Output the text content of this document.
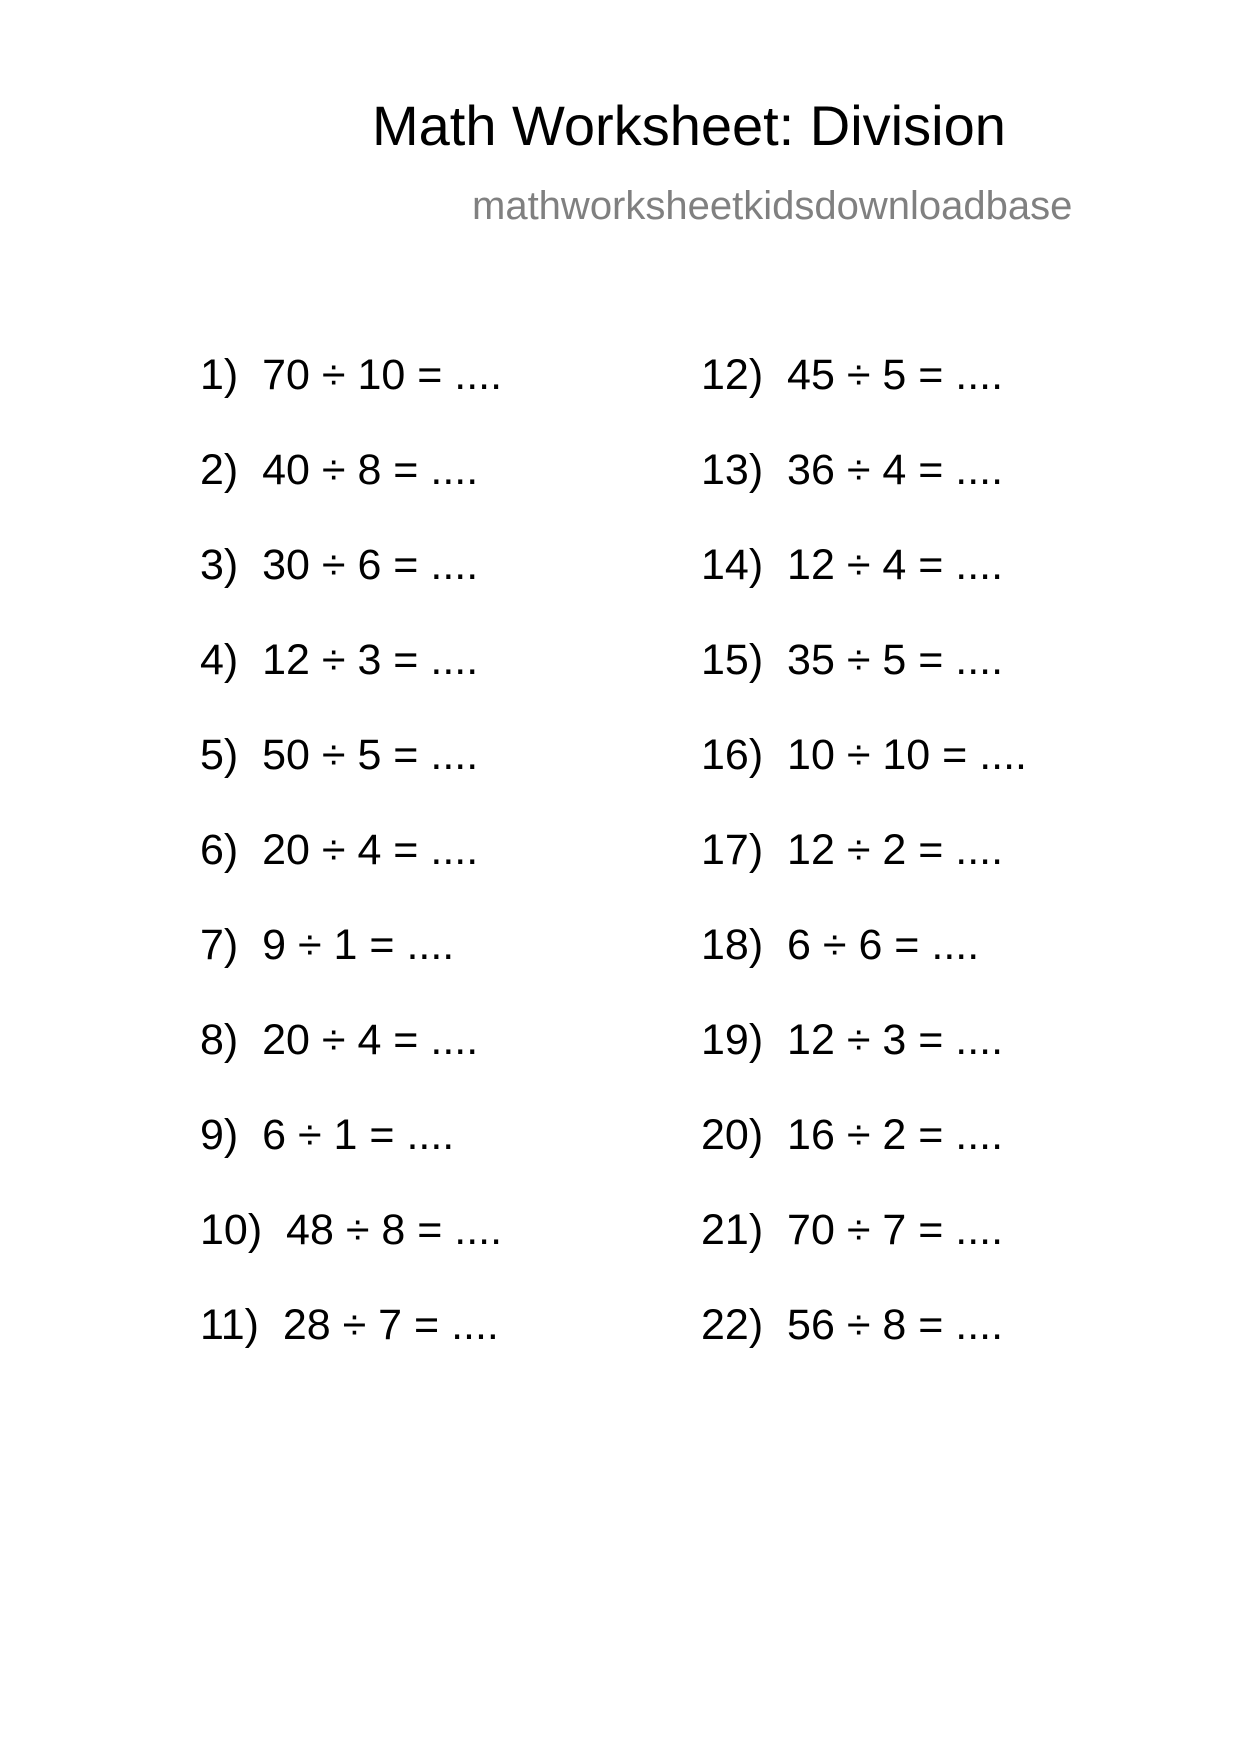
Math Worksheet: Division
mathworksheetkidsdownloadbase
1)  70 ÷ 10 = ....
2)  40 ÷ 8 = ....
3)  30 ÷ 6 = ....
4)  12 ÷ 3 = ....
5)  50 ÷ 5 = ....
6)  20 ÷ 4 = ....
7)  9 ÷ 1 = ....
8)  20 ÷ 4 = ....
9)  6 ÷ 1 = ....
10)  48 ÷ 8 = ....
11)  28 ÷ 7 = ....
12)  45 ÷ 5 = ....
13)  36 ÷ 4 = ....
14)  12 ÷ 4 = ....
15)  35 ÷ 5 = ....
16)  10 ÷ 10 = ....
17)  12 ÷ 2 = ....
18)  6 ÷ 6 = ....
19)  12 ÷ 3 = ....
20)  16 ÷ 2 = ....
21)  70 ÷ 7 = ....
22)  56 ÷ 8 = ....
